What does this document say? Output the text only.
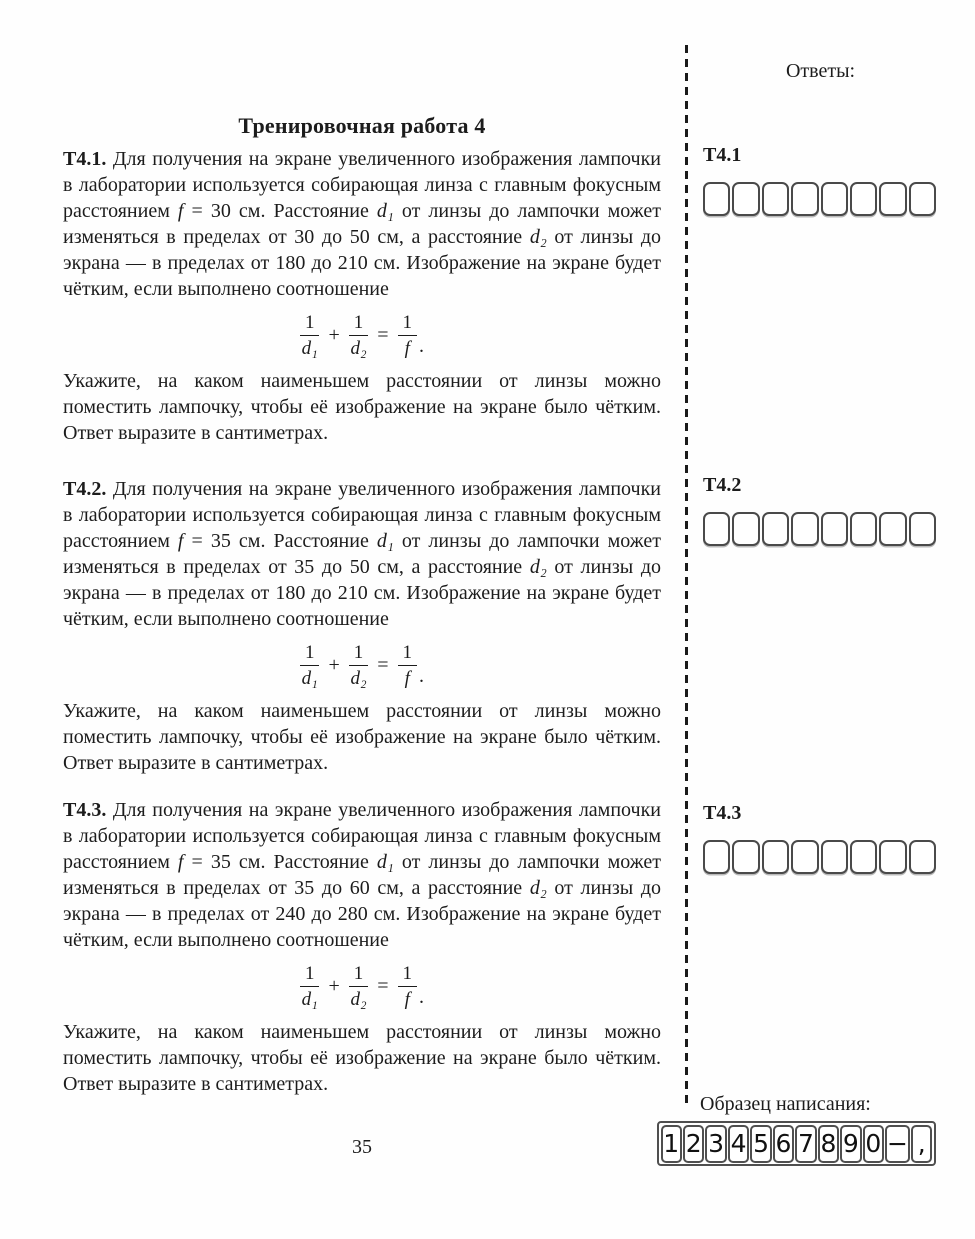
Тренировочная работа 4

Т4.1. Для получения на экране увеличенного изображения лампочки в лаборатории используется собирающая линза с главным фокусным расстоянием f = 30 см. Расстояние d₁ от линзы до лампочки может изменяться в пределах от 30 до 50 см, а расстояние d₂ от линзы до экрана — в пределах от 180 до 210 см. Изображение на экране будет чётким, если выполнено соотношение

$\frac{1}{\text{d₁}} + \frac{1}{\text{d₂}} = \frac{1}{f}$ .

Укажите, на каком наименьшем расстоянии от линзы можно поместить лампочку, чтобы её изображение на экране было чётким. Ответ выразите в сантиметрах.

Т4.2. Для получения на экране увеличенного изображения лампочки в лаборатории используется собирающая линза с главным фокусным расстоянием f = 35 см. Расстояние d₁ от линзы до лампочки может изменяться в пределах от 35 до 50 см, а расстояние d₂ от линзы до экрана — в пределах от 180 до 210 см. Изображение на экране будет чётким, если выполнено соотношение

$\frac{1}{\text{d₁}} + \frac{1}{\text{d₂}} = \frac{1}{f}$ .

Укажите, на каком наименьшем расстоянии от линзы можно поместить лампочку, чтобы её изображение на экране было чётким. Ответ выразите в сантиметрах.

Т4.3. Для получения на экране увеличенного изображения лампочки в лаборатории используется собирающая линза с главным фокусным расстоянием f = 35 см. Расстояние d₁ от линзы до лампочки может изменяться в пределах от 35 до 60 см, а расстояние d₂ от линзы до экрана — в пределах от 240 до 280 см. Изображение на экране будет чётким, если выполнено соотношение

$\frac{1}{\text{d₁}} + \frac{1}{\text{d₂}} = \frac{1}{f}$ .

Укажите, на каком наименьшем расстоянии от линзы можно поместить лампочку, чтобы её изображение на экране было чётким. Ответ выразите в сантиметрах.

35
Ответы:
Т4.1
Т4.2
Т4.3
Образец написания:
1 2 3 4 5 6 7 8 9 0 − ,
